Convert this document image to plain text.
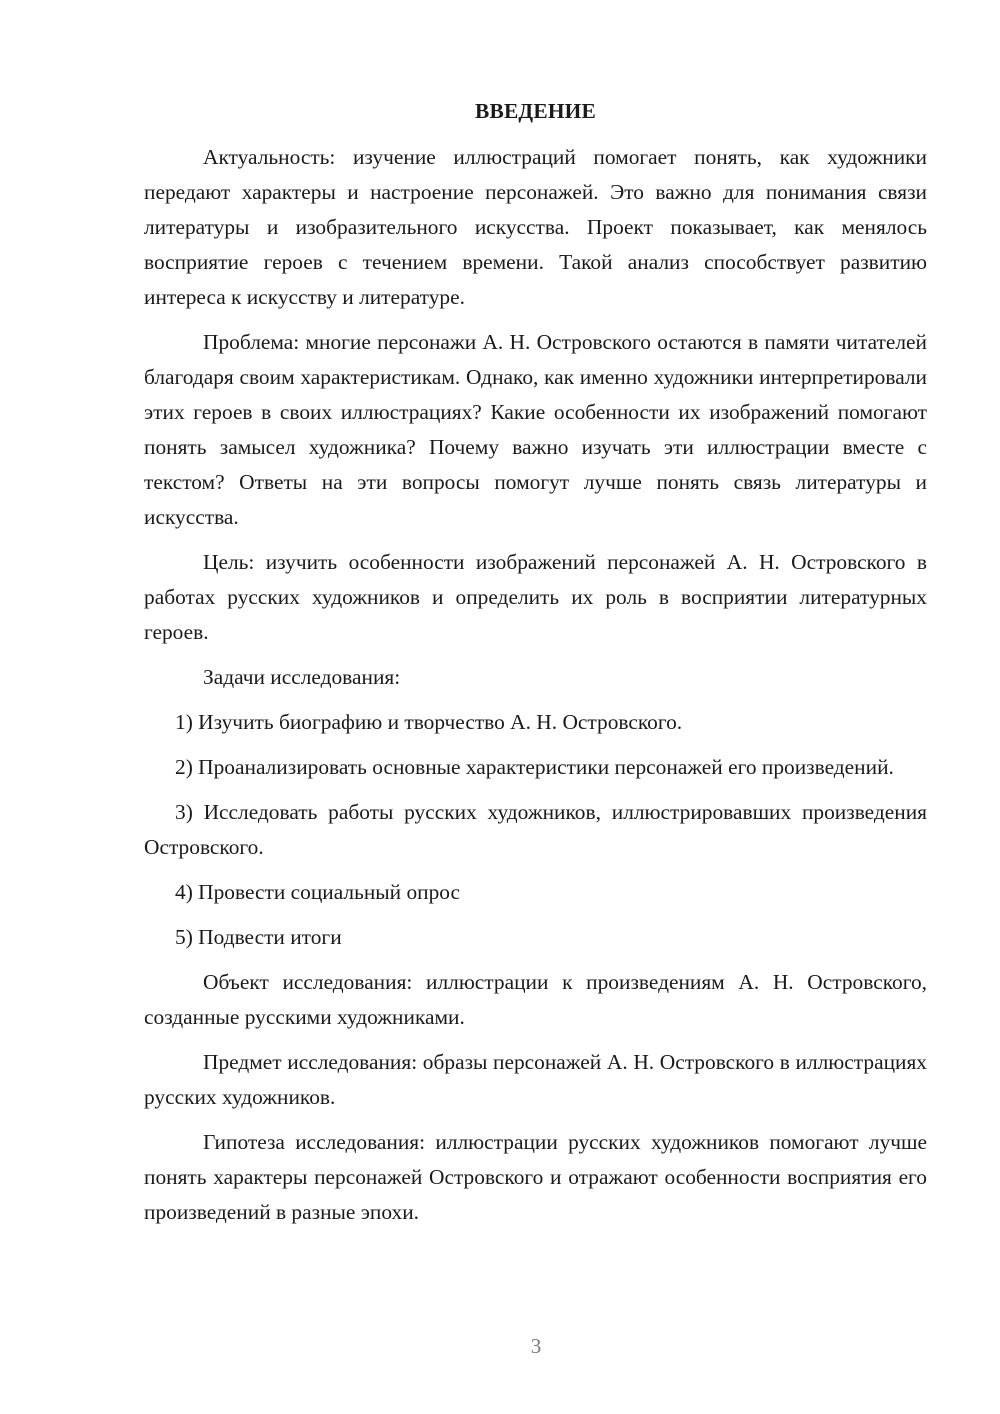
ВВЕДЕНИЕ

Актуальность: изучение иллюстраций помогает понять, как художники передают характеры и настроение персонажей. Это важно для понимания связи литературы и изобразительного искусства. Проект показывает, как менялось восприятие героев с течением времени. Такой анализ способствует развитию интереса к искусству и литературе.

Проблема: многие персонажи А. Н. Островского остаются в памяти читателей благодаря своим характеристикам. Однако, как именно художники интерпретировали этих героев в своих иллюстрациях? Какие особенности их изображений помогают понять замысел художника? Почему важно изучать эти иллюстрации вместе с текстом? Ответы на эти вопросы помогут лучше понять связь литературы и искусства.

Цель: изучить особенности изображений персонажей А. Н. Островского в работах русских художников и определить их роль в восприятии литературных героев.

Задачи исследования:

1) Изучить биографию и творчество А. Н. Островского.

2) Проанализировать основные характеристики персонажей его произведений.

3) Исследовать работы русских художников, иллюстрировавших произведения Островского.

4) Провести социальный опрос

5) Подвести итоги

Объект исследования: иллюстрации к произведениям А. Н. Островского, созданные русскими художниками.

Предмет исследования: образы персонажей А. Н. Островского в иллюстрациях русских художников.

Гипотеза исследования: иллюстрации русских художников помогают лучше понять характеры персонажей Островского и отражают особенности восприятия его произведений в разные эпохи.

3
